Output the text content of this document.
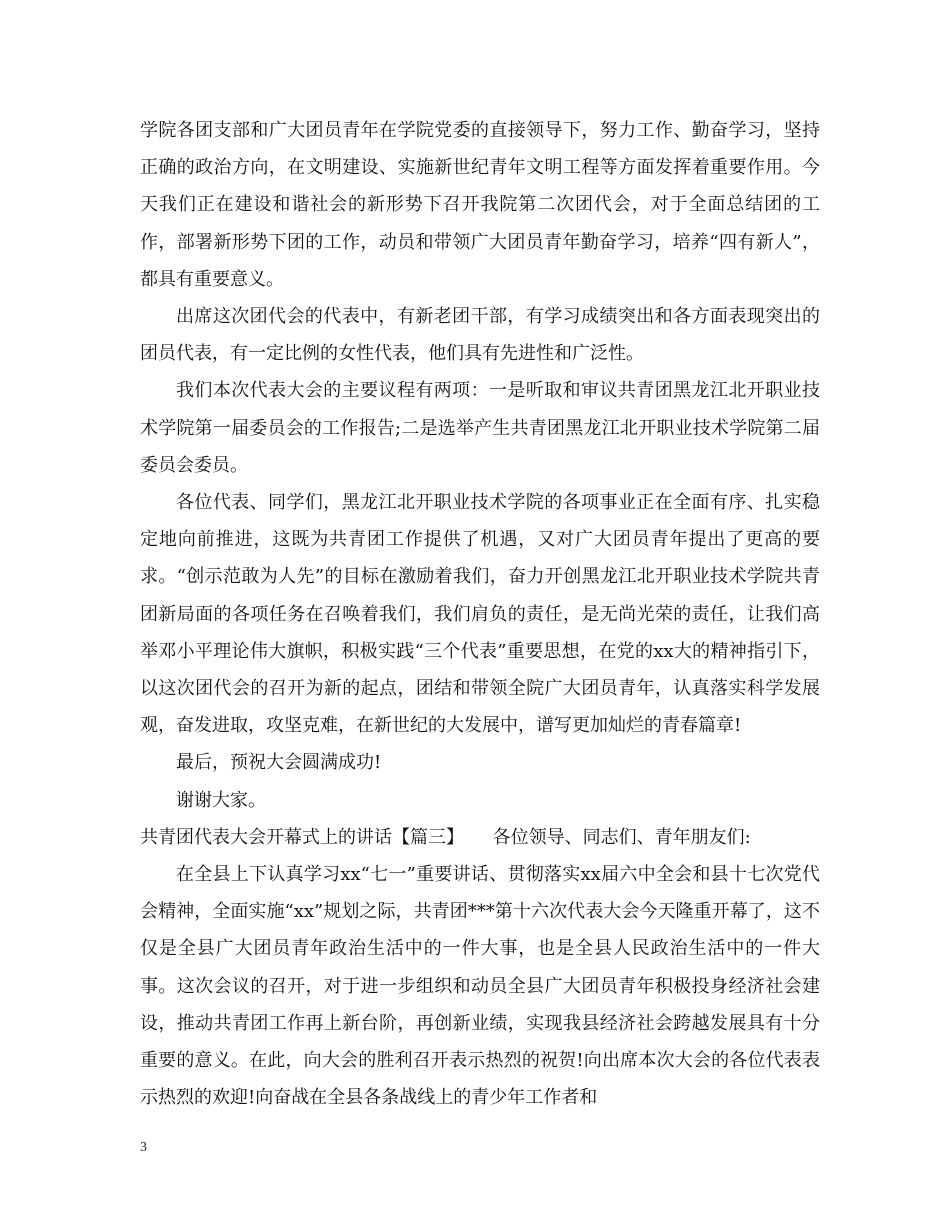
学院各团支部和广大团员青年在学院党委的直接领导下，努力工作、勤奋学习，坚持正确的政治方向，在文明建设、实施新世纪青年文明工程等方面发挥着重要作用。今天我们正在建设和谐社会的新形势下召开我院第二次团代会，对于全面总结团的工作，部署新形势下团的工作，动员和带领广大团员青年勤奋学习，培养“四有新人”，都具有重要意义。

出席这次团代会的代表中，有新老团干部，有学习成绩突出和各方面表现突出的团员代表，有一定比例的女性代表，他们具有先进性和广泛性。

我们本次代表大会的主要议程有两项：一是听取和审议共青团黑龙江北开职业技术学院第一届委员会的工作报告;二是选举产生共青团黑龙江北开职业技术学院第二届委员会委员。

各位代表、同学们，黑龙江北开职业技术学院的各项事业正在全面有序、扎实稳定地向前推进，这既为共青团工作提供了机遇，又对广大团员青年提出了更高的要求。“创示范敢为人先”的目标在激励着我们，奋力开创黑龙江北开职业技术学院共青团新局面的各项任务在召唤着我们，我们肩负的责任，是无尚光荣的责任，让我们高举邓小平理论伟大旗帜，积极实践“三个代表”重要思想，在党的xx大的精神指引下，以这次团代会的召开为新的起点，团结和带领全院广大团员青年，认真落实科学发展观，奋发进取，攻坚克难，在新世纪的大发展中，谱写更加灿烂的青春篇章!

最后，预祝大会圆满成功!

谢谢大家。

共青团代表大会开幕式上的讲话【篇三】     各位领导、同志们、青年朋友们:

在全县上下认真学习xx“七一”重要讲话、贯彻落实xx届六中全会和县十七次党代会精神，全面实施“xx”规划之际，共青团***第十六次代表大会今天隆重开幕了，这不仅是全县广大团员青年政治生活中的一件大事，也是全县人民政治生活中的一件大事。这次会议的召开，对于进一步组织和动员全县广大团员青年积极投身经济社会建设，推动共青团工作再上新台阶，再创新业绩，实现我县经济社会跨越发展具有十分重要的意义。在此，向大会的胜利召开表示热烈的祝贺!向出席本次大会的各位代表表示热烈的欢迎!向奋战在全县各条战线上的青少年工作者和

3
